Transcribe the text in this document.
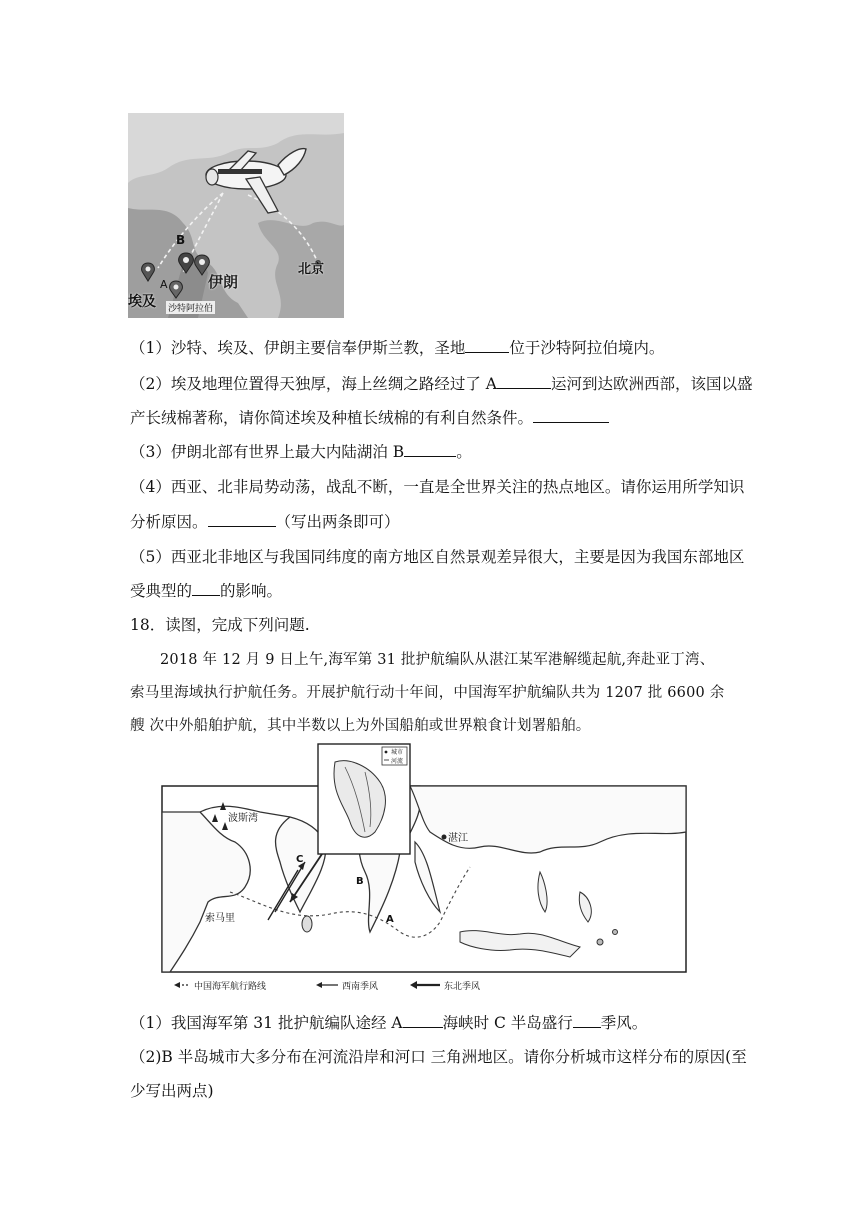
B
A	伊朗
北京
埃及 沙特阿拉伯
（1）沙特、埃及、伊朗主要信奉伊斯兰教，圣地	位于沙特阿拉伯境内。
（2）埃及地理位置得天独厚，海上丝绸之路经过了 A	运河到达欧洲西部，该国以盛
产长绒棉著称，请你简述埃及种植长绒棉的有利自然条件。
（3）伊朗北部有世界上最大内陆湖泊 B	。
（4）西亚、北非局势动荡，战乱不断，一直是全世界关注的热点地区。请你运用所学知识
分析原因。	（写出两条即可）
（5）西亚北非地区与我国同纬度的南方地区自然景观差异很大，主要是因为我国东部地区
受典型的 的影响。
18．读图，完成下列问题.
2018 年 12 月 9 日上午,海军第 31 批护航编队从湛江某军港解缆起航,奔赴亚丁湾、
索马里海域执行护航任务。开展护航行动十年间，中国海军护航编队共为 1207 批 6600 余
艘 次中外船舶护航，其中半数以上为外国船舶或世界粮食计划署船舶。
波斯湾
索马里
湛江
C
B
A
城市
河流
中国海军航行路线	西南季风	东北季风
（1）我国海军第 31 批护航编队途经 A	海峡时 C 半岛盛行 季风。
（2)B 半岛城市大多分布在河流沿岸和河口 三角洲地区。请你分析城市这样分布的原因(至
少写出两点)
